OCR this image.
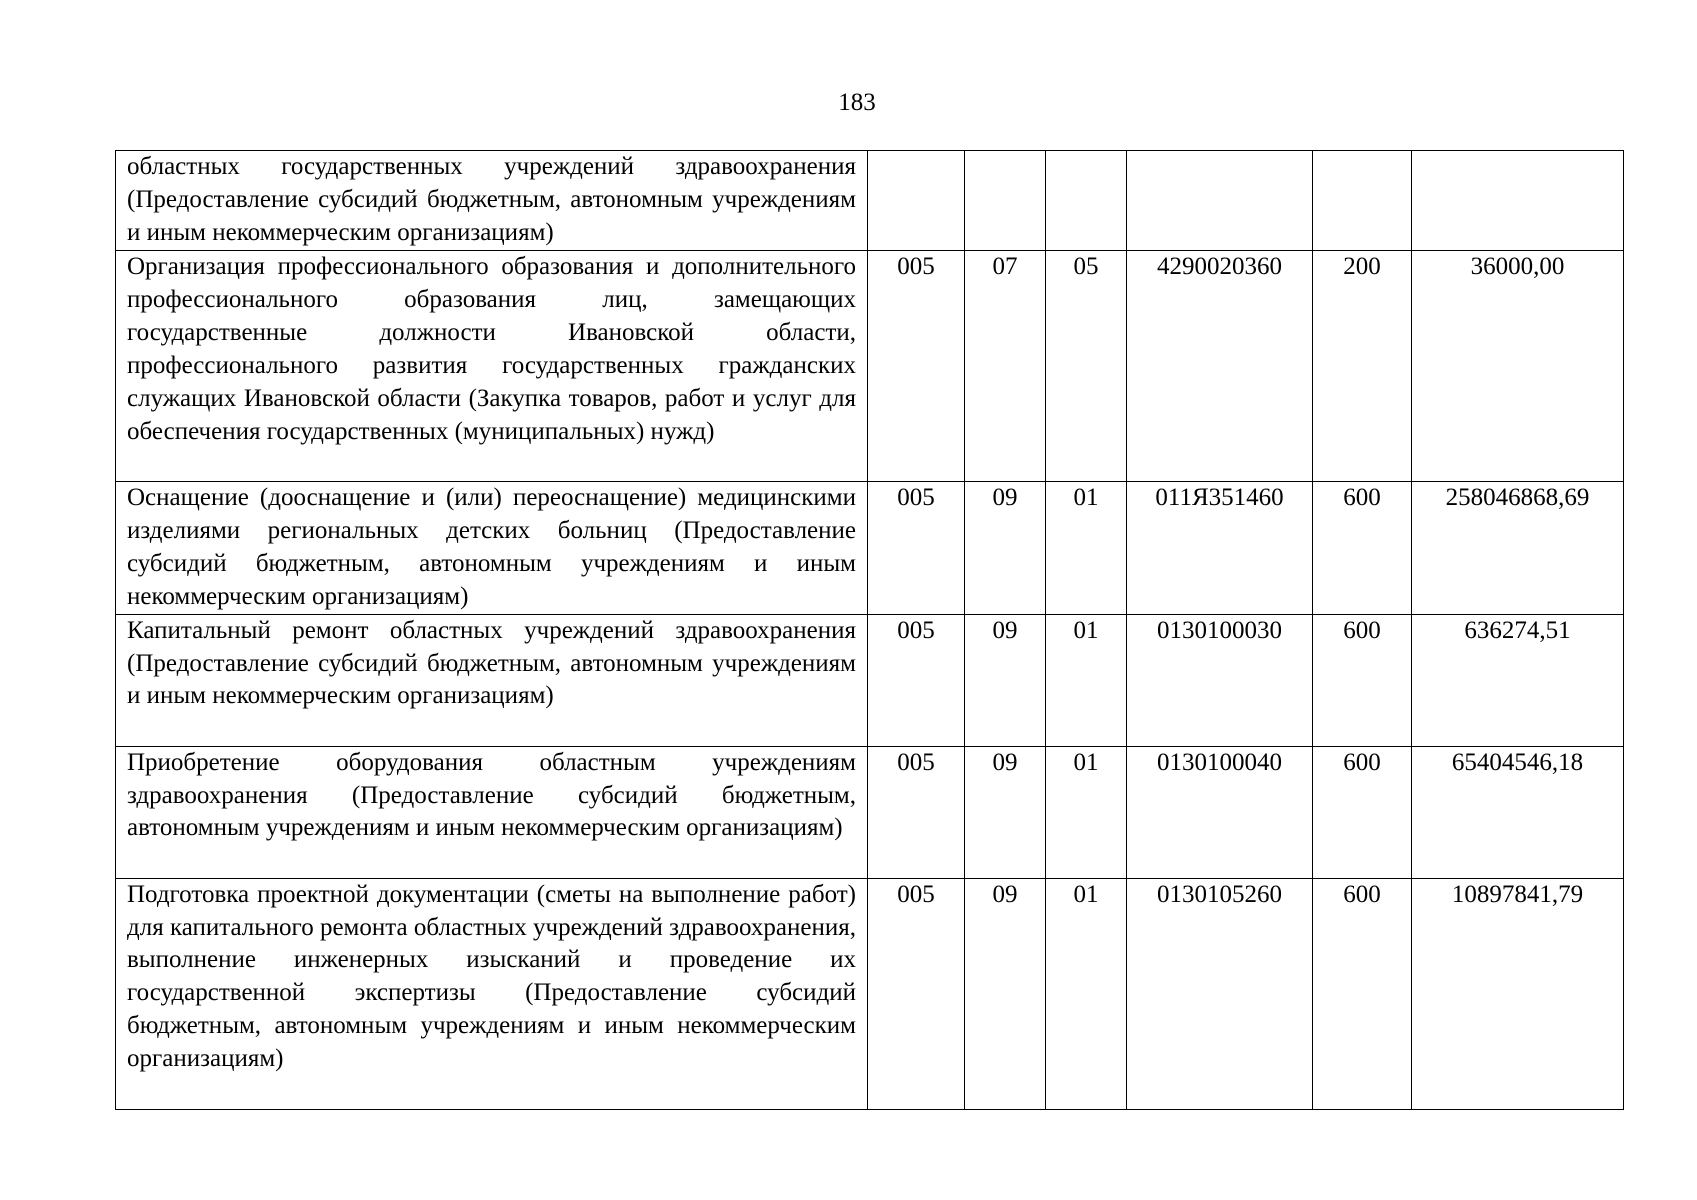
183
областных государственных учреждений здравоохранения (Предоставление субсидий бюджетным, автономным учреждениям и иным некоммерческим организациям)						
Организация профессионального образования и дополнительного профессионального образования лиц, замещающих государственные должности Ивановской области, профессионального развития государственных гражданских служащих Ивановской области (Закупка товаров, работ и услуг для обеспечения государственных (муниципальных) нужд)	005	07	05	4290020360	200	36000,00
Оснащение (дооснащение и (или) переоснащение) медицинскими изделиями региональных детских больниц (Предоставление субсидий бюджетным, автономным учреждениям и иным некоммерческим организациям)	005	09	01	011Я351460	600	258046868,69
Капитальный ремонт областных учреждений здравоохранения (Предоставление субсидий бюджетным, автономным учреждениям и иным некоммерческим организациям)	005	09	01	0130100030	600	636274,51
Приобретение оборудования областным учреждениям здравоохранения (Предоставление субсидий бюджетным, автономным учреждениям и иным некоммерческим организациям)	005	09	01	0130100040	600	65404546,18
Подготовка проектной документации (сметы на выполнение работ) для капитального ремонта областных учреждений здравоохранения, выполнение инженерных изысканий и проведение их государственной экспертизы (Предоставление субсидий бюджетным, автономным учреждениям и иным некоммерческим организациям)	005	09	01	0130105260	600	10897841,79
